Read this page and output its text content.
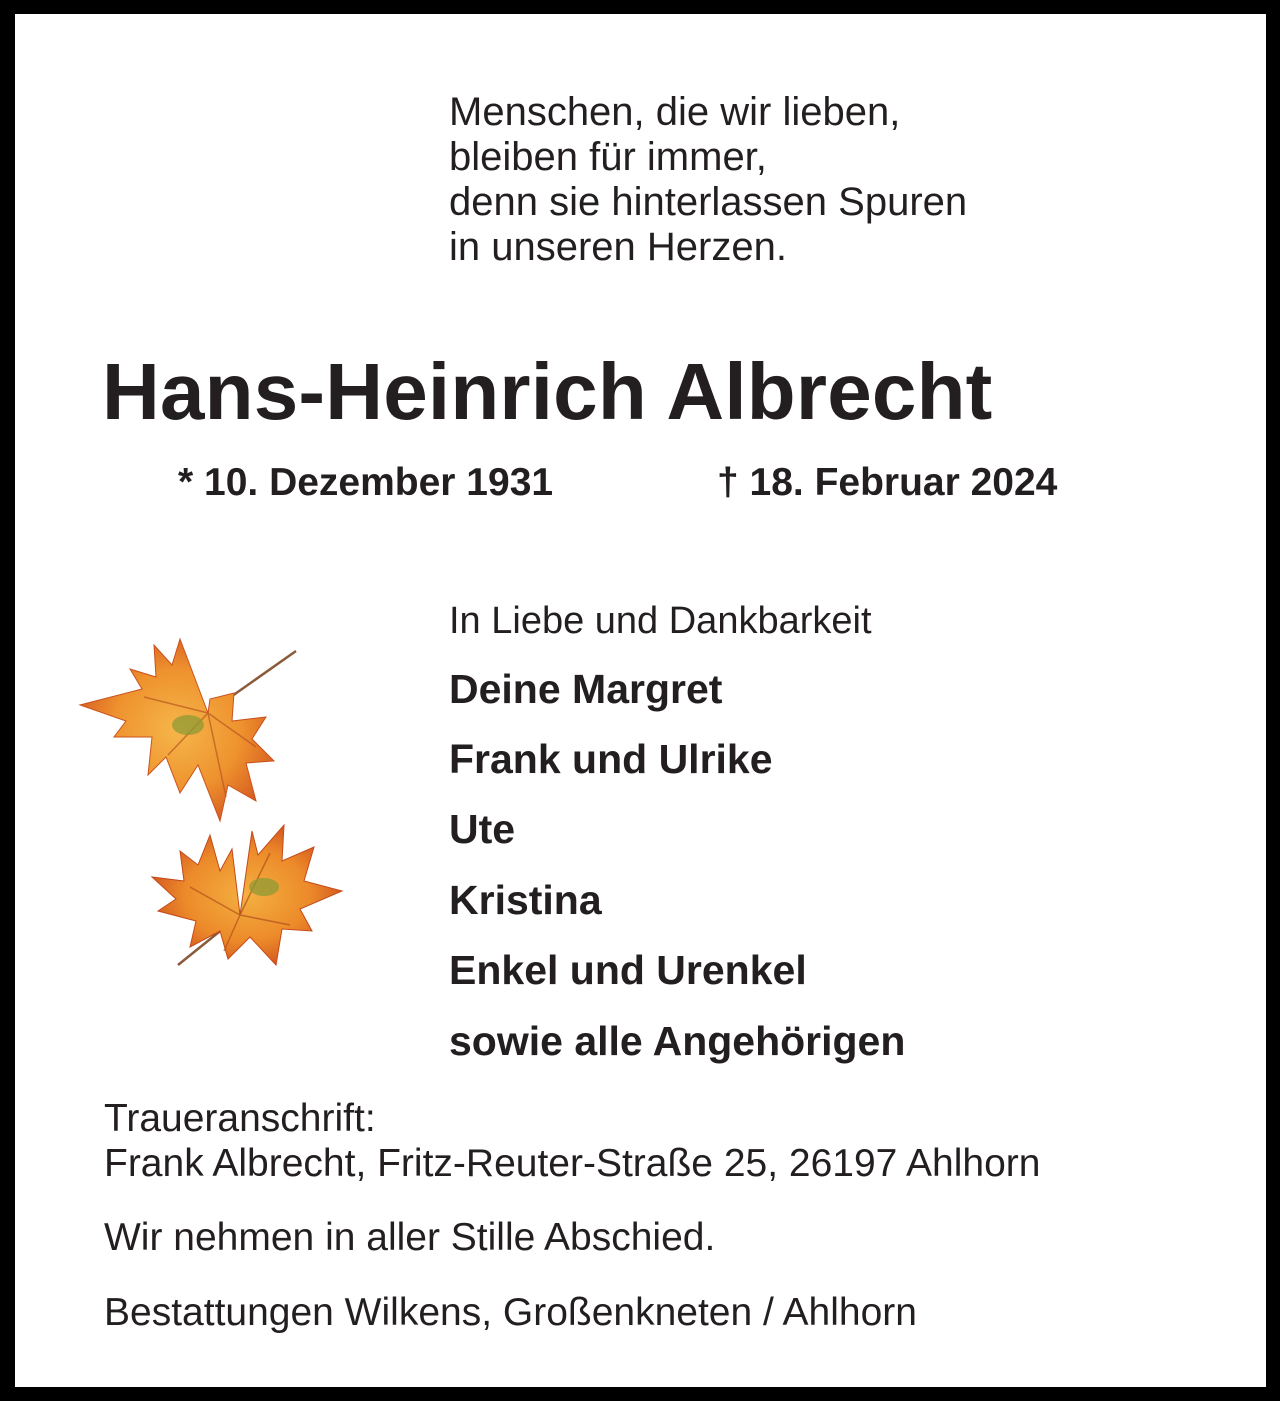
Menschen, die wir lieben,
bleiben für immer,
denn sie hinterlassen Spuren
in unseren Herzen.
Hans-Heinrich Albrecht
* 10. Dezember 1931	† 18. Februar 2024
In Liebe und Dankbarkeit
Deine Margret
Frank und Ulrike
Ute
Kristina
Enkel und Urenkel
sowie alle Angehörigen
Traueranschrift:
Frank Albrecht, Fritz-Reuter-Straße 25, 26197 Ahlhorn
Wir nehmen in aller Stille Abschied.
Bestattungen Wilkens, Großenkneten / Ahlhorn
